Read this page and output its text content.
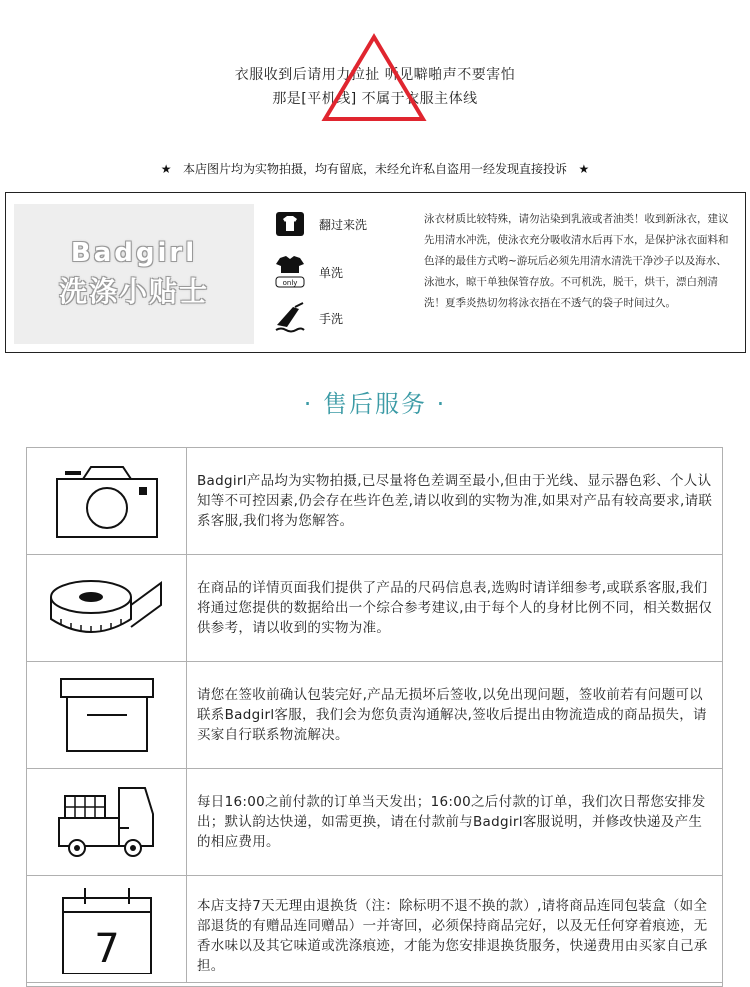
衣服收到后请用力拉扯 听见噼啪声不要害怕
那是[平机线] 不属于衣服主体线
★ 本店图片均为实物拍摄，均有留底，未经允许私自盗用一经发现直接投诉 ★
Badgirl
洗涤小贴士
翻过来洗
only
单洗
手洗
泳衣材质比较特殊，请勿沾染到乳液或者油类！收到新泳衣，建议先用清水冲洗，使泳衣充分吸收清水后再下水，是保护泳衣面料和色泽的最佳方式哟~游玩后必须先用清水清洗干净沙子以及海水、泳池水，晾干单独保管存放。不可机洗，脱干，烘干，漂白剂清洗！夏季炎热切勿将泳衣捂在不透气的袋子时间过久。
· 售后服务 ·
Badgirl产品均为实物拍摄,已尽量将色差调至最小,但由于光线、显示器色彩、个人认知等不可控因素,仍会存在些许色差,请以收到的实物为准,如果对产品有较高要求,请联系客服,我们将为您解答。
在商品的详情页面我们提供了产品的尺码信息表,选购时请详细参考,或联系客服,我们将通过您提供的数据给出一个综合参考建议,由于每个人的身材比例不同，相关数据仅供参考，请以收到的实物为准。
请您在签收前确认包装完好,产品无损坏后签收,以免出现问题，签收前若有问题可以联系Badgirl客服，我们会为您负责沟通解决,签收后提出由物流造成的商品损失，请买家自行联系物流解决。
每日16:00之前付款的订单当天发出；16:00之后付款的订单，我们次日帮您安排发出；默认韵达快递，如需更换，请在付款前与Badgirl客服说明，并修改快递及产生的相应费用。
7
本店支持7天无理由退换货（注：除标明不退不换的款）,请将商品连同包装盒（如全部退货的有赠品连同赠品）一并寄回，必须保持商品完好，以及无任何穿着痕迹，无香水味以及其它味道或洗涤痕迹，才能为您安排退换货服务，快递费用由买家自己承担。
